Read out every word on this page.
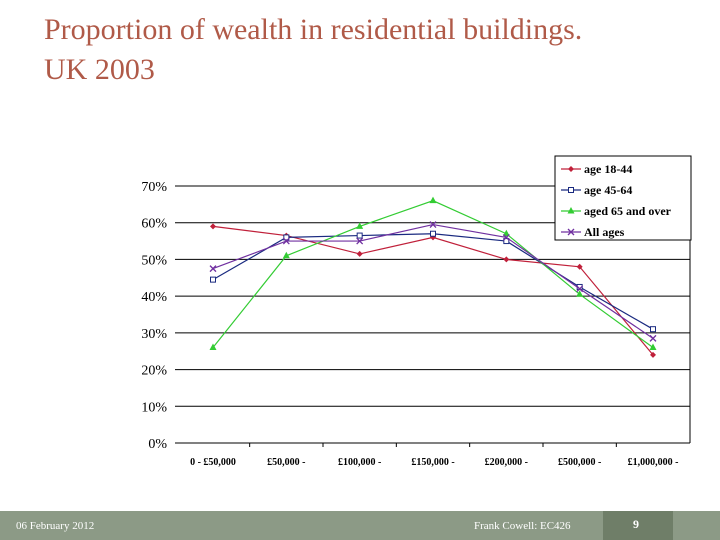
Proportion of wealth in residential buildings.
UK 2003
0%
10%
20%
30%
40%
50%
60%
70%
0 - £50,000	£50,000 -	£100,000 -	£150,000 -	£200,000 -	£500,000 -	£1,000,000 -
age 18-44
age 45-64
aged 65 and over
All ages
06 February 2012	Frank Cowell: EC426	9
